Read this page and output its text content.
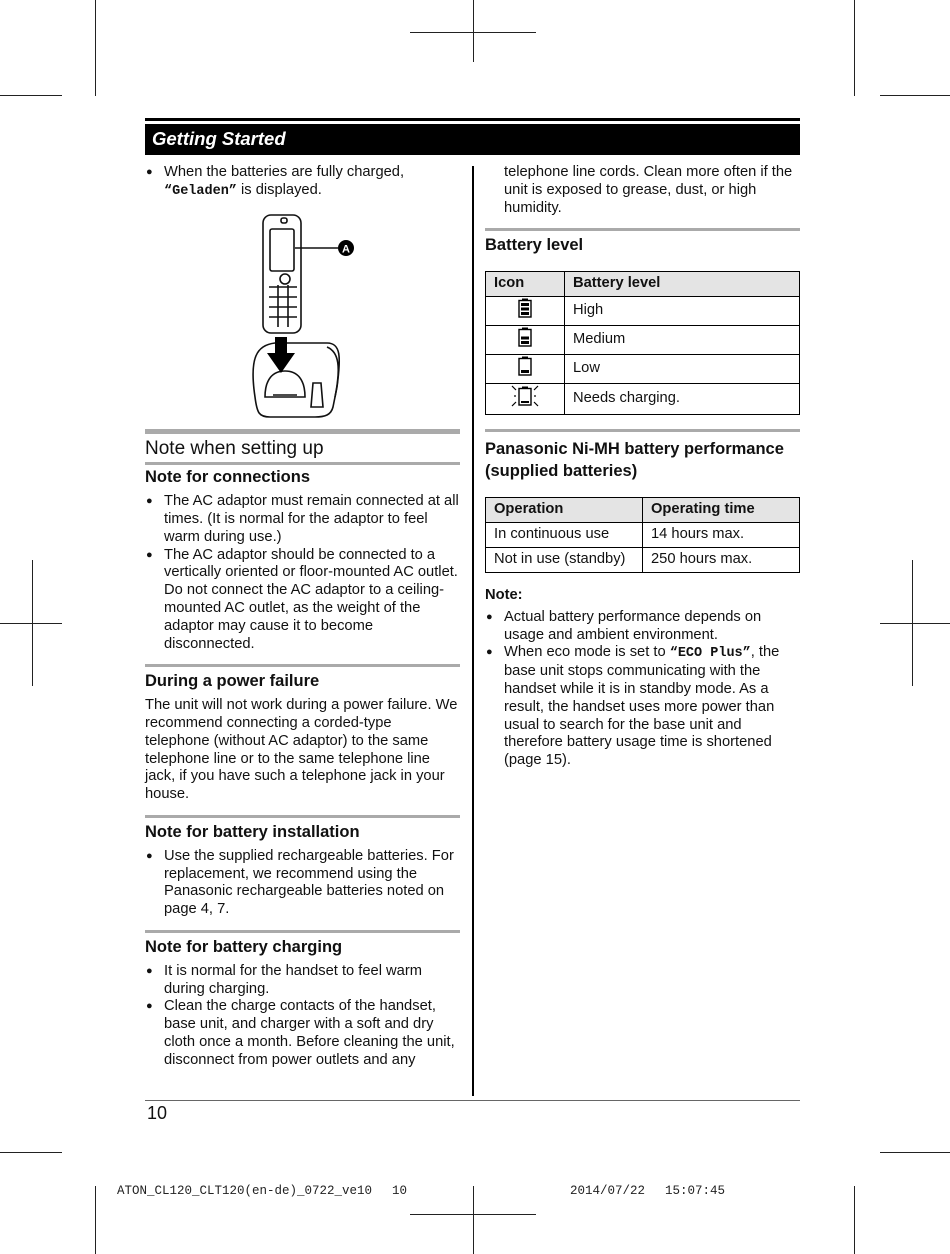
Getting Started

● When the batteries are fully charged,
“Geladen” is displayed.

A
Note when setting up
Note for connections

● The AC adaptor must remain connected at all times. (It is normal for the adaptor to feel warm during use.)

● The AC adaptor should be connected to a vertically oriented or floor-mounted AC outlet. Do not connect the AC adaptor to a ceiling-mounted AC outlet, as the weight of the adaptor may cause it to become disconnected.

During a power failure

The unit will not work during a power failure. We recommend connecting a corded-type telephone (without AC adaptor) to the same telephone line or to the same telephone line jack, if you have such a telephone jack in your house.

Note for battery installation

● Use the supplied rechargeable batteries. For replacement, we recommend using the Panasonic rechargeable batteries noted on page 4, 7.

Note for battery charging

● It is normal for the handset to feel warm during charging.

● Clean the charge contacts of the handset, base unit, and charger with a soft and dry cloth once a month. Before cleaning the unit, disconnect from power outlets and any

telephone line cords. Clean more often if the unit is exposed to grease, dust, or high humidity.

Battery level
Icon	Battery level
	High
	Medium
	Low
	Needs charging.
Panasonic Ni-MH battery performance (supplied batteries)
Operation	Operating time
In continuous use	14 hours max.
Not in use (standby)	250 hours max.

Note:

● Actual battery performance depends on usage and ambient environment.

● When eco mode is set to “ECO Plus”, the base unit stops communicating with the handset while it is in standby mode. As a result, the handset uses more power than usual to search for the base unit and therefore battery usage time is shortened (page 15).

10
ATON_CL120_CLT120(en-de)_0722_ve10　 10	2014/07/22　 15:07:45
